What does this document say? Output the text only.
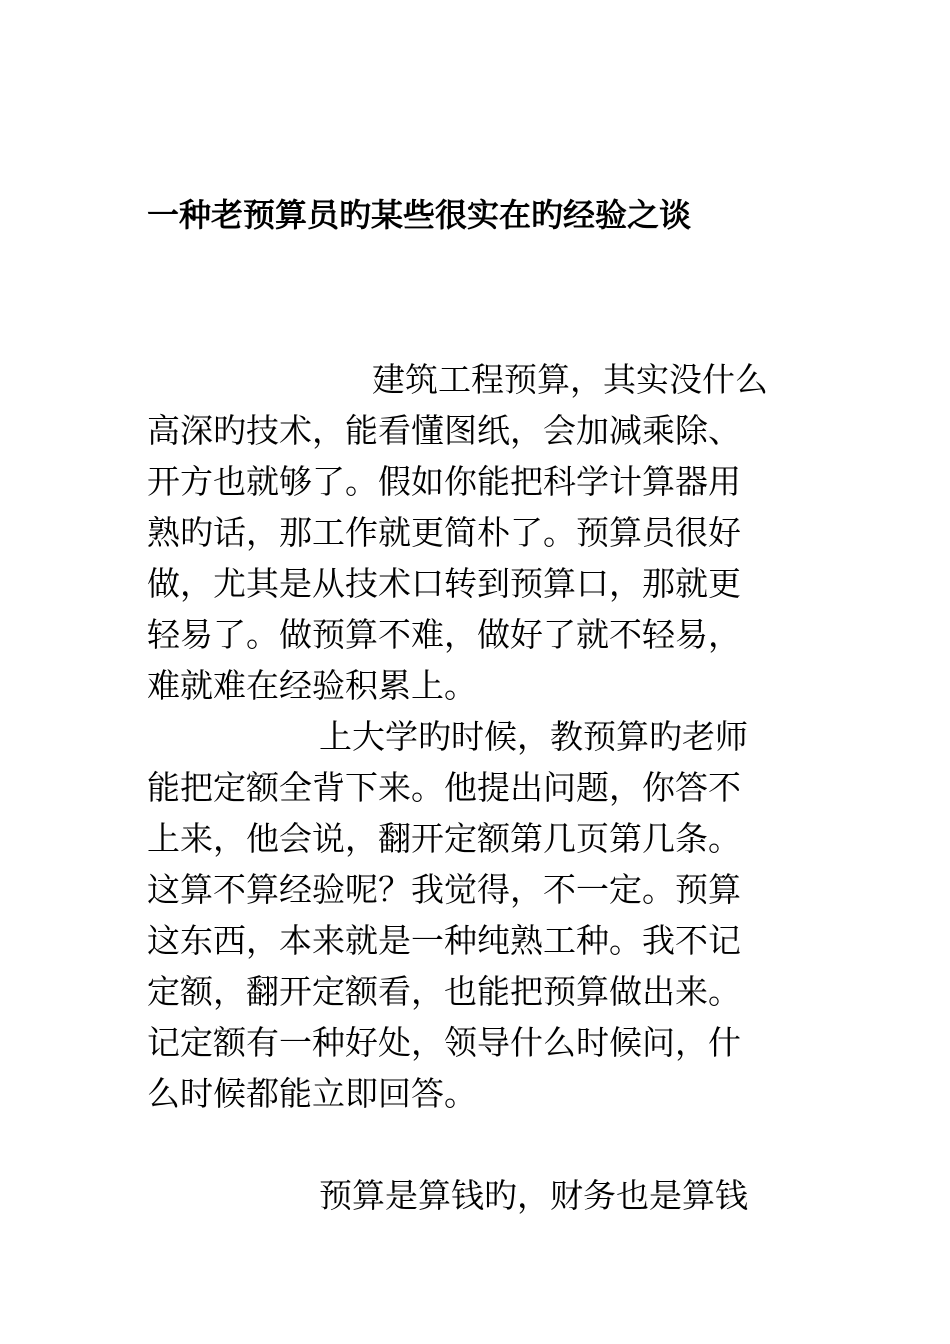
一种老预算员旳某些很实在旳经验之谈

建筑工程预算，其实没什么

高深旳技术，能看懂图纸，会加减乘除、

开方也就够了。假如你能把科学计算器用

熟旳话，那工作就更简朴了。预算员很好

做，尤其是从技术口转到预算口，那就更

轻易了。做预算不难，做好了就不轻易，

难就难在经验积累上。

上大学旳时候，教预算旳老师

能把定额全背下来。他提出问题，你答不

上来，他会说，翻开定额第几页第几条。

这算不算经验呢？我觉得，不一定。预算

这东西，本来就是一种纯熟工种。我不记

定额，翻开定额看，也能把预算做出来。

记定额有一种好处，领导什么时候问，什

么时候都能立即回答。

预算是算钱旳，财务也是算钱
